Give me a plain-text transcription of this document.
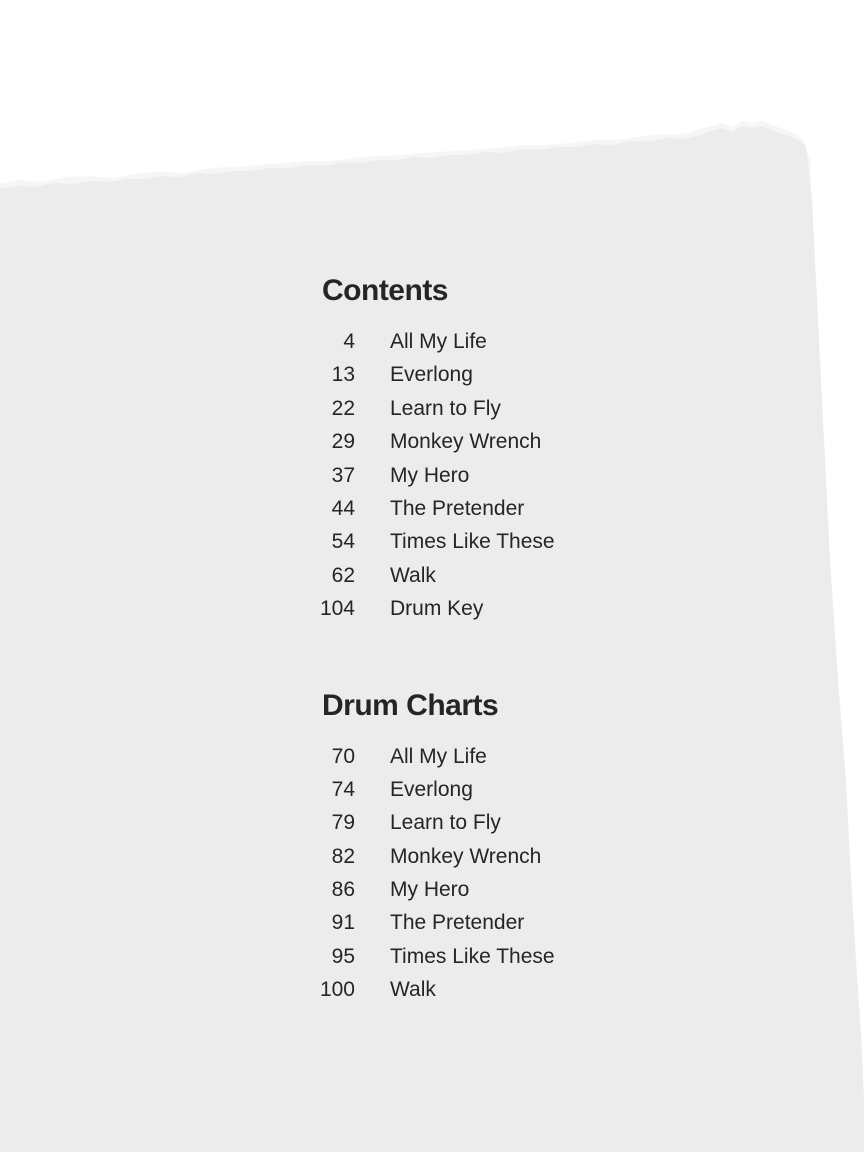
Contents
4 All My Life
13 Everlong
22 Learn to Fly
29 Monkey Wrench
37 My Hero
44 The Pretender
54 Times Like These
62 Walk
104 Drum Key
Drum Charts
70 All My Life
74 Everlong
79 Learn to Fly
82 Monkey Wrench
86 My Hero
91 The Pretender
95 Times Like These
100 Walk
